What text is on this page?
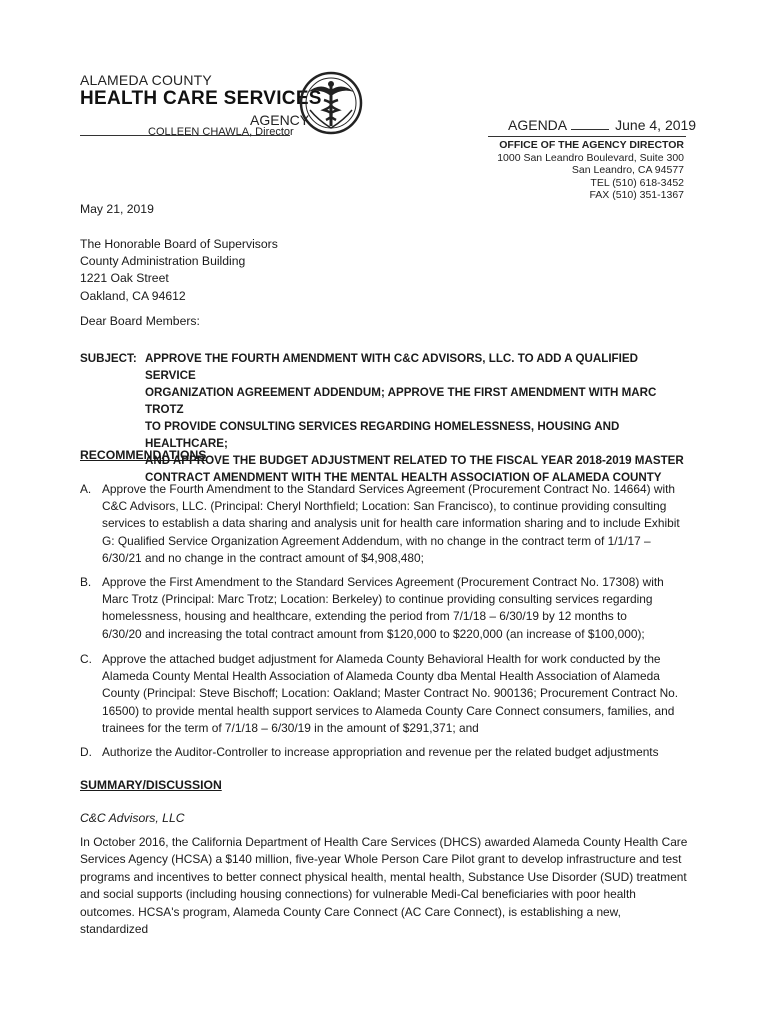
ALAMEDA COUNTY
HEALTH CARE SERVICES
AGENCY
COLLEEN CHAWLA, Director	AGENDA	June 4, 2019
OFFICE OF THE AGENCY DIRECTOR
1000 San Leandro Boulevard, Suite 300
San Leandro, CA 94577
TEL (510) 618-3452
FAX (510) 351-1367
May 21, 2019
The Honorable Board of Supervisors
County Administration Building
1221 Oak Street
Oakland, CA 94612
Dear Board Members:
SUBJECT: APPROVE THE FOURTH AMENDMENT WITH C&C ADVISORS, LLC. TO ADD A QUALIFIED SERVICE
ORGANIZATION AGREEMENT ADDENDUM; APPROVE THE FIRST AMENDMENT WITH MARC TROTZ
TO PROVIDE CONSULTING SERVICES REGARDING HOMELESSNESS, HOUSING AND HEALTHCARE;
AND APPROVE THE BUDGET ADJUSTMENT RELATED TO THE FISCAL YEAR 2018-2019 MASTER
CONTRACT AMENDMENT WITH THE MENTAL HEALTH ASSOCIATION OF ALAMEDA COUNTY
RECOMMENDATIONS
A. Approve the Fourth Amendment to the Standard Services Agreement (Procurement Contract No. 14664) with
C&C Advisors, LLC. (Principal: Cheryl Northfield; Location: San Francisco), to continue providing consulting
services to establish a data sharing and analysis unit for health care information sharing and to include Exhibit
G: Qualified Service Organization Agreement Addendum, with no change in the contract term of 1/1/17 –
6/30/21 and no change in the contract amount of $4,908,480;
B. Approve the First Amendment to the Standard Services Agreement (Procurement Contract No. 17308) with
Marc Trotz (Principal: Marc Trotz; Location: Berkeley) to continue providing consulting services regarding
homelessness, housing and healthcare, extending the period from 7/1/18 – 6/30/19 by 12 months to
6/30/20 and increasing the total contract amount from $120,000 to $220,000 (an increase of $100,000);
C. Approve the attached budget adjustment for Alameda County Behavioral Health for work conducted by the
Alameda County Mental Health Association of Alameda County dba Mental Health Association of Alameda
County (Principal: Steve Bischoff; Location: Oakland; Master Contract No. 900136; Procurement Contract No.
16500) to provide mental health support services to Alameda County Care Connect consumers, families, and
trainees for the term of 7/1/18 – 6/30/19 in the amount of $291,371; and
D. Authorize the Auditor-Controller to increase appropriation and revenue per the related budget adjustments
SUMMARY/DISCUSSION
C&C Advisors, LLC
In October 2016, the California Department of Health Care Services (DHCS) awarded Alameda County Health Care
Services Agency (HCSA) a $140 million, five-year Whole Person Care Pilot grant to develop infrastructure and test
programs and incentives to better connect physical health, mental health, Substance Use Disorder (SUD) treatment
and social supports (including housing connections) for vulnerable Medi-Cal beneficiaries with poor health
outcomes. HCSA's program, Alameda County Care Connect (AC Care Connect), is establishing a new, standardized
